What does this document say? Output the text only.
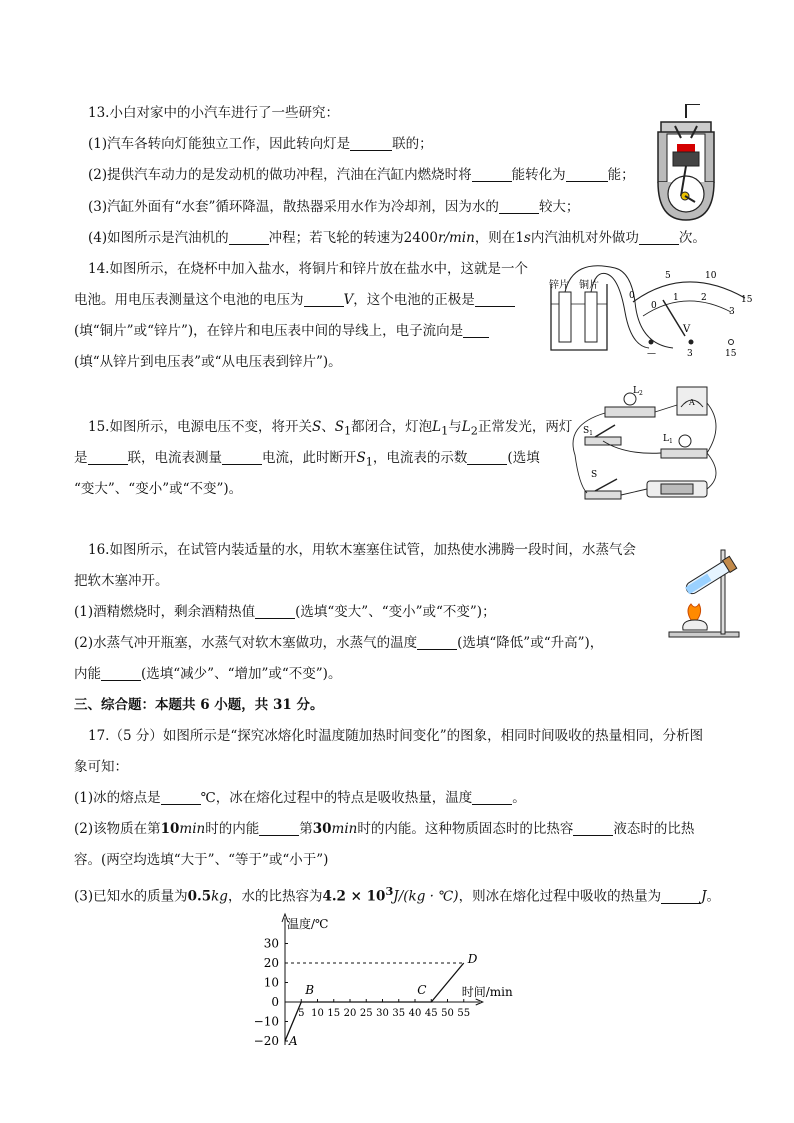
13.小白对家中的小汽车进行了一些研究：
(1)汽车各转向灯能独立工作，因此转向灯是	联的；
(2)提供汽车动力的是发动机的做功冲程，汽油在汽缸内燃烧时将	能转化为	能；
(3)汽缸外面有“水套”循环降温，散热器采用水作为冷却剂，因为水的	较大；
(4)如图所示是汽油机的	冲程；若飞轮的转速为2400r/min，则在1s内汽油机对外做功	次。
14.如图所示，在烧杯中加入盐水，将铜片和锌片放在盐水中，这就是一个
电池。用电压表测量这个电池的电压为	V，这个电池的正极是
(填“铜片”或“锌片”)，在锌片和电压表中间的导线上，电子流向是
(填“从锌片到电压表”或“从电压表到锌片”)。
锌片 铜片
0
0
1 2
3
5	10
15
V
—	3	15
15.如图所示，电源电压不变，将开关S、$S_1$都闭合，灯泡$L_1$与$L_2$正常发光，两灯
是	联，电流表测量	电流，此时断开$S_1$，电流表的示数	(选填
“变大”、“变小”或“不变”)。
$L_2$
A
$S_1$
$L_1$
S
16.如图所示，在试管内装适量的水，用软木塞塞住试管，加热使水沸腾一段时间，水蒸气会
把软木塞冲开。
(1)酒精燃烧时，剩余酒精热值	(选填“变大”、“变小”或“不变”)；
(2)水蒸气冲开瓶塞，水蒸气对软木塞做功，水蒸气的温度	(选填“降低”或“升高”)，
内能	(选填“减少”、“增加”或“不变”)。
三、综合题：本题共 6 小题，共 31 分。
17.（5 分）如图所示是“探究冰熔化时温度随加热时间变化”的图象，相同时间吸收的热量相同，分析图
象可知：
(1)冰的熔点是	℃，冰在熔化过程中的特点是吸收热量，温度	。
(2)该物质在第10min时的内能	第30min时的内能。这种物质固态时的比热容	液态时的比热
容。(两空均选填“大于”、“等于”或“小于”)
(3)已知水的质量为0.5kg，水的比热容为$4.2 \times 10^3J/(kg$ · ℃)，则冰在熔化过程中吸收的热量为	J。
温度/℃
时间/min
30
20
10
0
−10
−20
5 10 15 20 25 30 35 40 45 50 55
A
B	C
D
